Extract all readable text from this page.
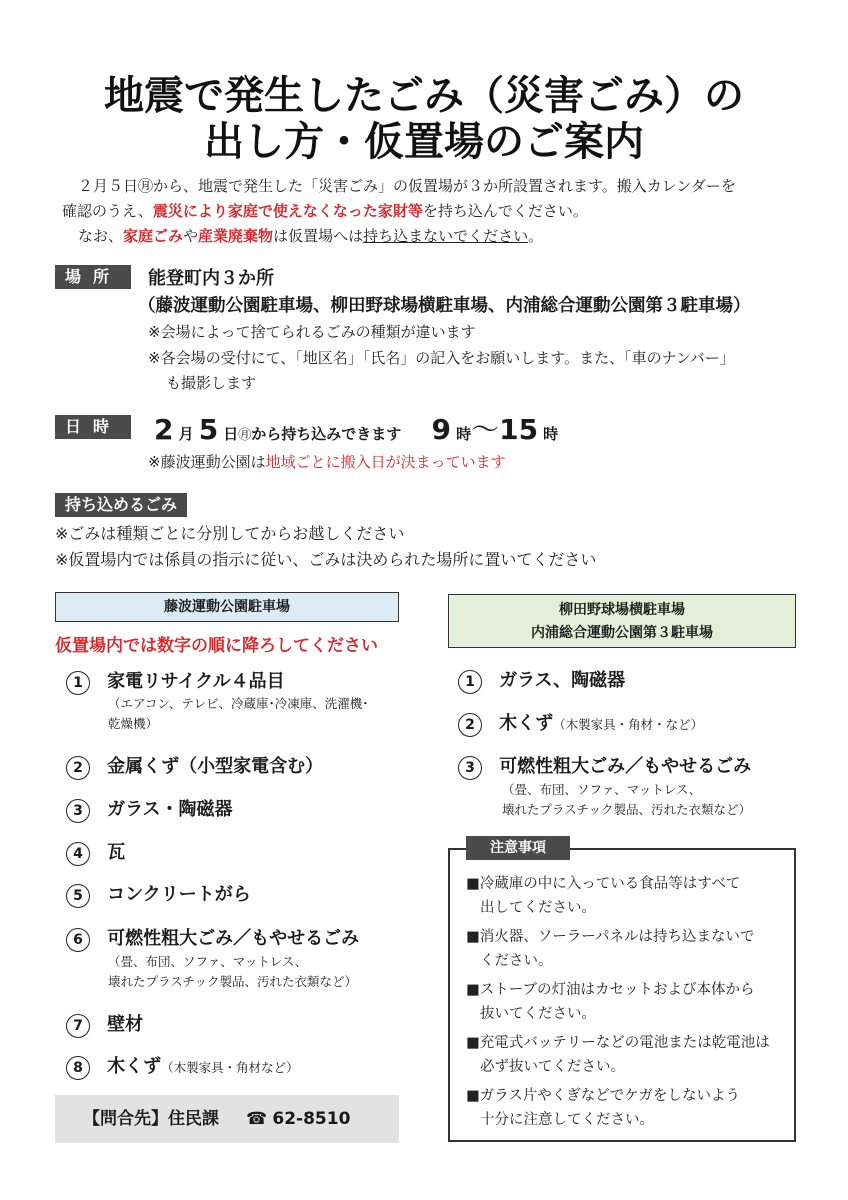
地震で発生したごみ（災害ごみ）の
出し方・仮置場のご案内
２月５日㊊から、地震で発生した「災害ごみ」の仮置場が３か所設置されます。搬入カレンダーを
確認のうえ、震災により家庭で使えなくなった家財等を持ち込んでください。
なお、家庭ごみや産業廃棄物は仮置場へは持ち込まないでください。
場所	能登町内３か所
（藤波運動公園駐車場、柳田野球場横駐車場、内浦総合運動公園第３駐車場）
※会場によって捨てられるごみの種類が違います
※各会場の受付にて、「地区名」「氏名」の記入をお願いします。また、「車のナンバー」
も撮影します
日時	2 月 5 日㊊から持ち込みできます 9 時～15 時
※藤波運動公園は地域ごとに搬入日が決まっています
持ち込めるごみ
※ごみは種類ごとに分別してからお越しください
※仮置場内では係員の指示に従い、ごみは決められた場所に置いてください
藤波運動公園駐車場
仮置場内では数字の順に降ろしてください
1 家電リサイクル４品目
（エアコン、テレビ、冷蔵庫･冷凍庫、洗濯機･
乾燥機）
2 金属くず（小型家電含む）
3 ガラス・陶磁器
4 瓦
5 コンクリートがら
6 可燃性粗大ごみ／もやせるごみ
（畳、布団、ソファ、マットレス、
壊れたプラスチック製品、汚れた衣類など）
7 壁材
8 木くず（木製家具・角材など）
【問合先】住民課 ☎ 62-8510
柳田野球場横駐車場
内浦総合運動公園第３駐車場
1 ガラス、陶磁器
2 木くず（木製家具・角材・など）
3 可燃性粗大ごみ／もやせるごみ
（畳、布団、ソファ、マットレス、
壊れたプラスチック製品、汚れた衣類など）
注意事項
■冷蔵庫の中に入っている食品等はすべて
出してください。
■消火器、ソーラーパネルは持ち込まないで
ください。
■ストーブの灯油はカセットおよび本体から
抜いてください。
■充電式バッテリーなどの電池または乾電池は
必ず抜いてください。
■ガラス片やくぎなどでケガをしないよう
十分に注意してください。
